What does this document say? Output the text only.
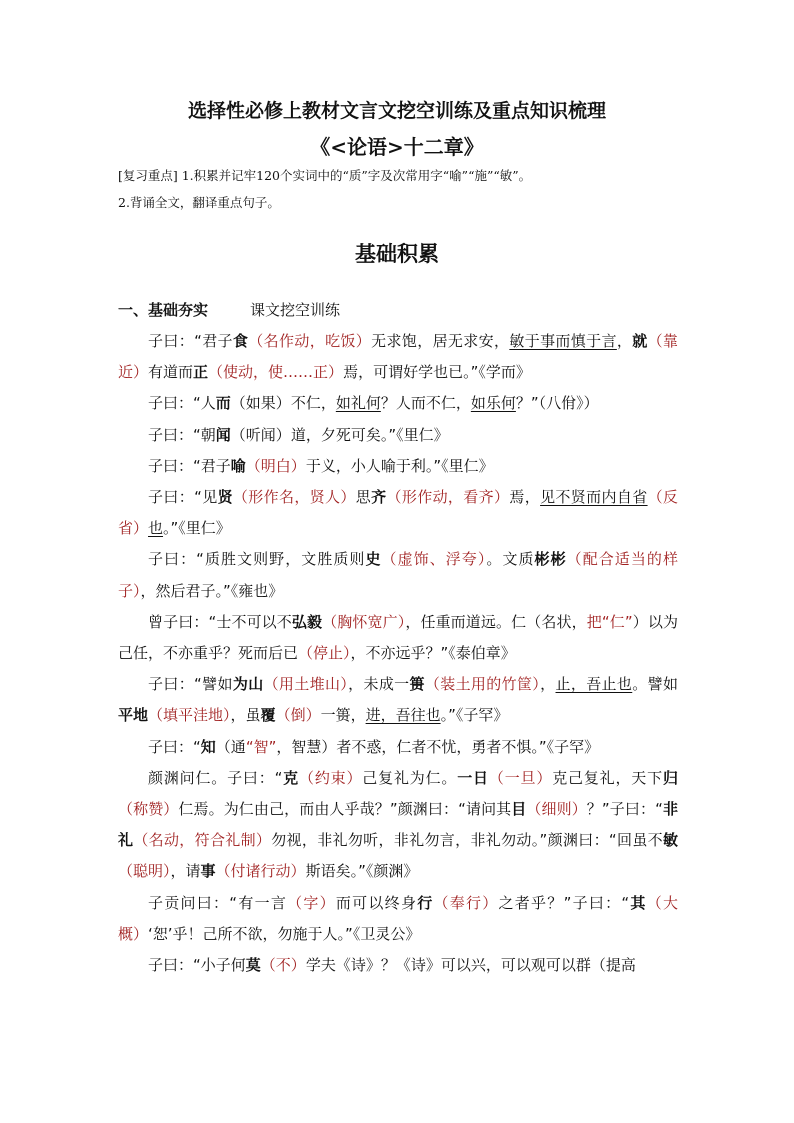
选择性必修上教材文言文挖空训练及重点知识梳理
《<论语>十二章》
[复习重点] 1.积累并记牢120个实词中的“质”字及次常用字“喻”“施”“敏”。
2.背诵全文，翻译重点句子。
基础积累
一、基础夯实	课文挖空训练

子曰：“君子食（名作动，吃饭）无求饱，居无求安，敏于事而慎于言，就（靠近）有道而正（使动，使……正）焉，可谓好学也已。”《学而》

子曰：“人而（如果）不仁，如礼何？人而不仁，如乐何？”（八佾》）

子曰：“朝闻（听闻）道，夕死可矣。”《里仁》

子曰：“君子喻（明白）于义，小人喻于利。”《里仁》

子曰：“见贤（形作名，贤人）思齐（形作动，看齐）焉，见不贤而内自省（反省）也。”《里仁》

子曰：“质胜文则野，文胜质则史（虚饰、浮夸）。文质彬彬（配合适当的样子），然后君子。”《雍也》

曾子曰：“士不可以不弘毅（胸怀宽广），任重而道远。仁（名状，把“仁”）以为己任，不亦重乎？死而后已（停止），不亦远乎？”《泰伯章》

子曰：“譬如为山（用土堆山），未成一篑（装土用的竹筐），止，吾止也。譬如平地（填平洼地），虽覆（倒）一篑，进，吾往也。”《子罕》

子曰：“知（通“智”，智慧）者不惑，仁者不忧，勇者不惧。”《子罕》

颜渊问仁。子曰：“克（约束）己复礼为仁。一日（一旦）克己复礼，天下归（称赞）仁焉。为仁由己，而由人乎哉？”颜渊曰：“请问其目（细则）？”子曰：“非礼（名动，符合礼制）勿视，非礼勿听，非礼勿言，非礼勿动。”颜渊曰：“回虽不敏（聪明），请事（付诸行动）斯语矣。”《颜渊》

子贡问曰：“有一言（字）而可以终身行（奉行）之者乎？”子曰：“其（大概）‘恕’乎！己所不欲，勿施于人。”《卫灵公》

子曰：“小子何莫（不）学夫《诗》？《诗》可以兴，可以观可以群（提高
